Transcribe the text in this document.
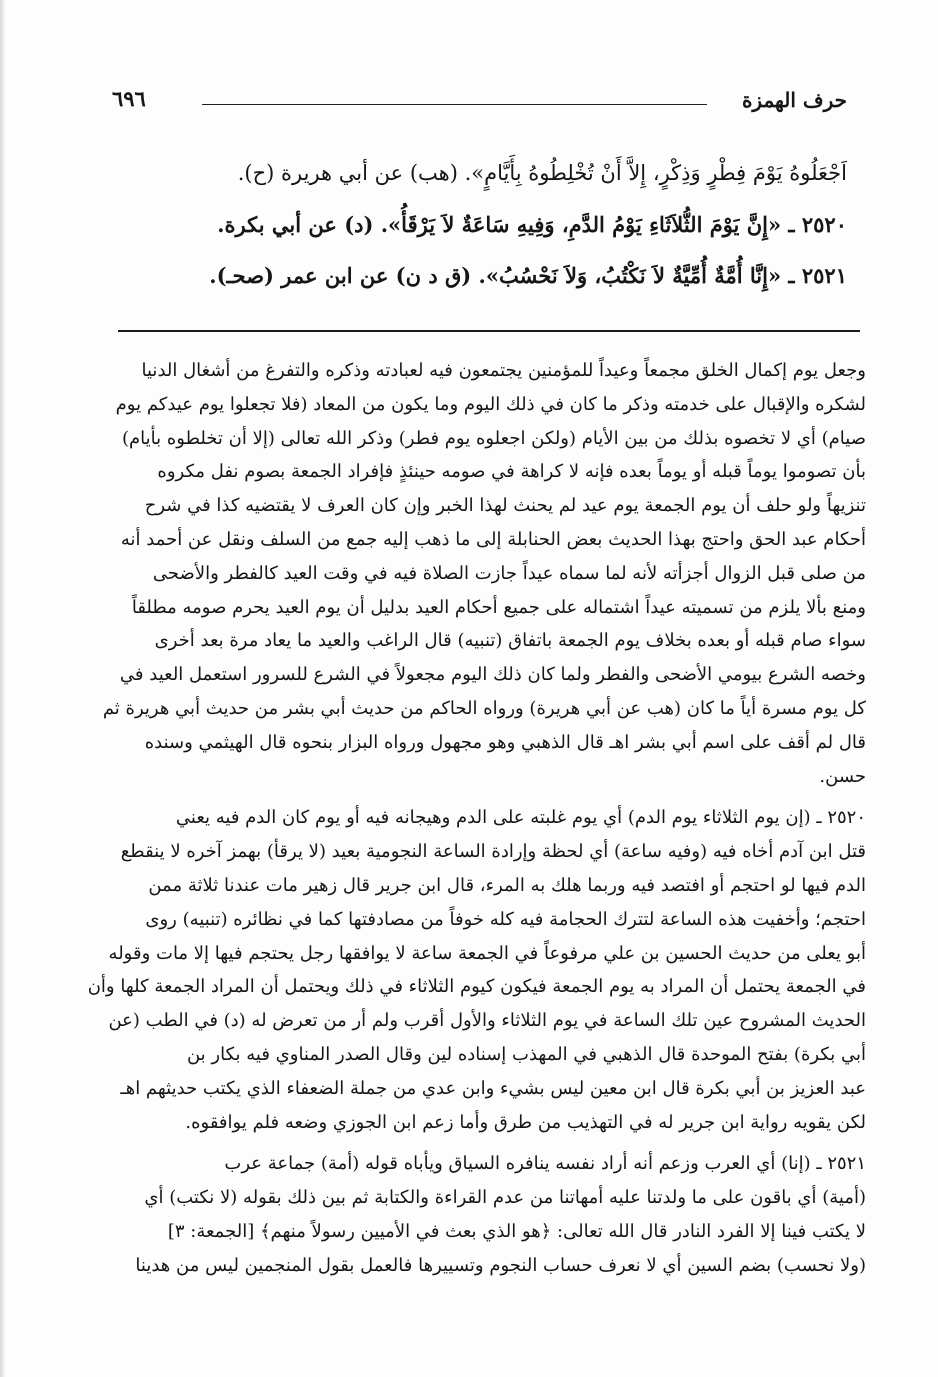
حرف الهمزة
٦٩٦
اَجْعَلُوهُ يَوْمَ فِطْرٍ وَذِكْرٍ، إِلاَّ أَنْ تُخْلِطُوهُ بِأَيَّامٍ». (هب) عن أبي هريرة (ح).
٢٥٢٠ ـ «إِنَّ يَوْمَ الثُّلاَثَاءِ يَوْمُ الدَّمِ، وَفِيهِ سَاعَةٌ لاَ يَرْقَأُ». (د) عن أبي بكرة.
٢٥٢١ ـ «إِنَّا أُمَّةٌ أُمِّيَّةٌ لاَ نَكْتُبُ، وَلاَ نَحْسُبُ». (ق د ن) عن ابن عمر (صحـ).
وجعل يوم إكمال الخلق مجمعاً وعيداً للمؤمنين يجتمعون فيه لعبادته وذكره والتفرغ من أشغال الدنيا
لشكره والإقبال على خدمته وذكر ما كان في ذلك اليوم وما يكون من المعاد (فلا تجعلوا يوم عيدكم يوم
صيام) أي لا تخصوه بذلك من بين الأيام (ولكن اجعلوه يوم فطر) وذكر الله تعالى (إلا أن تخلطوه بأيام)
بأن تصوموا يوماً قبله أو يوماً بعده فإنه لا كراهة في صومه حينئذٍ فإفراد الجمعة بصوم نفل مكروه
تنزيهاً ولو حلف أن يوم الجمعة يوم عيد لم يحنث لهذا الخبر وإن كان العرف لا يقتضيه كذا في شرح
أحكام عبد الحق واحتج بهذا الحديث بعض الحنابلة إلى ما ذهب إليه جمع من السلف ونقل عن أحمد أنه
من صلى قبل الزوال أجزأته لأنه لما سماه عيداً جازت الصلاة فيه في وقت العيد كالفطر والأضحى
ومنع بألا يلزم من تسميته عيداً اشتماله على جميع أحكام العيد بدليل أن يوم العيد يحرم صومه مطلقاً
سواء صام قبله أو بعده بخلاف يوم الجمعة باتفاق (تنبيه) قال الراغب والعيد ما يعاد مرة بعد أخرى
وخصه الشرع بيومي الأضحى والفطر ولما كان ذلك اليوم مجعولاً في الشرع للسرور استعمل العيد في
كل يوم مسرة أياً ما كان (هب عن أبي هريرة) ورواه الحاكم من حديث أبي بشر من حديث أبي هريرة ثم
قال لم أقف على اسم أبي بشر اهـ قال الذهبي وهو مجهول ورواه البزار بنحوه قال الهيثمي وسنده
حسن.
٢٥٢٠ ـ (إن يوم الثلاثاء يوم الدم) أي يوم غلبته على الدم وهيجانه فيه أو يوم كان الدم فيه يعني
قتل ابن آدم أخاه فيه (وفيه ساعة) أي لحظة وإرادة الساعة النجومية بعيد (لا يرقأ) بهمز آخره لا ينقطع
الدم فيها لو احتجم أو افتصد فيه وربما هلك به المرء، قال ابن جرير قال زهير مات عندنا ثلاثة ممن
احتجم؛ وأخفيت هذه الساعة لتترك الحجامة فيه كله خوفاً من مصادفتها كما في نظائره (تنبيه) روى
أبو يعلى من حديث الحسين بن علي مرفوعاً في الجمعة ساعة لا يوافقها رجل يحتجم فيها إلا مات وقوله
في الجمعة يحتمل أن المراد به يوم الجمعة فيكون كيوم الثلاثاء في ذلك ويحتمل أن المراد الجمعة كلها وأن
الحديث المشروح عين تلك الساعة في يوم الثلاثاء والأول أقرب ولم أر من تعرض له (د) في الطب (عن
أبي بكرة) بفتح الموحدة قال الذهبي في المهذب إسناده لين وقال الصدر المناوي فيه بكار بن
عبد العزيز بن أبي بكرة قال ابن معين ليس بشيء وابن عدي من جملة الضعفاء الذي يكتب حديثهم اهـ
لكن يقويه رواية ابن جرير له في التهذيب من طرق وأما زعم ابن الجوزي وضعه فلم يوافقوه.
٢٥٢١ ـ (إنا) أي العرب وزعم أنه أراد نفسه ينافره السياق ويأباه قوله (أمة) جماعة عرب
(أمية) أي باقون على ما ولدتنا عليه أمهاتنا من عدم القراءة والكتابة ثم بين ذلك بقوله (لا نكتب) أي
لا يكتب فينا إلا الفرد النادر قال الله تعالى: ﴿هو الذي بعث في الأميين رسولاً منهم﴾ [الجمعة: ٣]
(ولا نحسب) بضم السين أي لا نعرف حساب النجوم وتسييرها فالعمل بقول المنجمين ليس من هدينا
